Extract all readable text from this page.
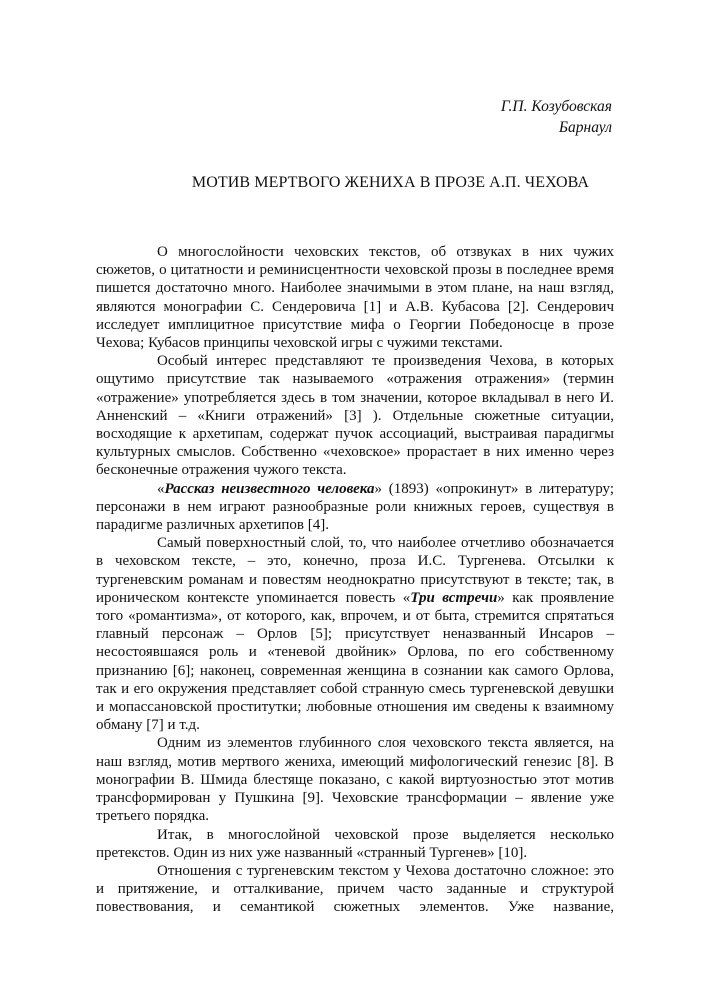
Г.П. Козубовская
Барнаул
МОТИВ МЕРТВОГО ЖЕНИХА В ПРОЗЕ А.П. ЧЕХОВА

О многослойности чеховских текстов, об отзвуках в них чужих сюжетов, о цитатности и реминисцентности чеховской прозы в последнее время пишется достаточно много. Наиболее значимыми в этом плане, на наш взгляд, являются монографии С. Сендеровича [1] и А.В. Кубасова [2]. Сендерович исследует имплицитное присутствие мифа о Георгии Победоносце в прозе Чехова; Кубасов принципы чеховской игры с чужими текстами.

Особый интерес представляют те произведения Чехова, в которых ощутимо присутствие так называемого «отражения отражения» (термин «отражение» употребляется здесь в том значении, которое вкладывал в него И. Анненский – «Книги отражений» [3] ). Отдельные сюжетные ситуации, восходящие к архетипам, содержат пучок ассоциаций, выстраивая парадигмы культурных смыслов. Собственно «чеховское» прорастает в них именно через бесконечные отражения чужого текста.

«Рассказ неизвестного человека» (1893) «опрокинут» в литературу; персонажи в нем играют разнообразные роли книжных героев, существуя в парадигме различных архетипов [4].

Самый поверхностный слой, то, что наиболее отчетливо обозначается в чеховском тексте, – это, конечно, проза И.С. Тургенева. Отсылки к тургеневским романам и повестям неоднократно присутствуют в тексте; так, в ироническом контексте упоминается повесть «Три встречи» как проявление того «романтизма», от которого, как, впрочем, и от быта, стремится спрятаться главный персонаж – Орлов [5]; присутствует неназванный Инсаров – несостоявшаяся роль и «теневой двойник» Орлова, по его собственному признанию [6]; наконец, современная женщина в сознании как самого Орлова, так и его окружения представляет собой странную смесь тургеневской девушки и мопассановской проститутки; любовные отношения им сведены к взаимному обману [7] и т.д.

Одним из элементов глубинного слоя чеховского текста является, на наш взгляд, мотив мертвого жениха, имеющий мифологический генезис [8]. В монографии В. Шмида блестяще показано, с какой виртуозностью этот мотив трансформирован у Пушкина [9]. Чеховские трансформации – явление уже третьего порядка.

Итак, в многослойной чеховской прозе выделяется несколько претекстов. Один из них уже названный «странный Тургенев» [10].

Отношения с тургеневским текстом у Чехова достаточно сложное: это и притяжение, и отталкивание, причем часто заданные и структурой повествования, и семантикой сюжетных элементов. Уже название,
